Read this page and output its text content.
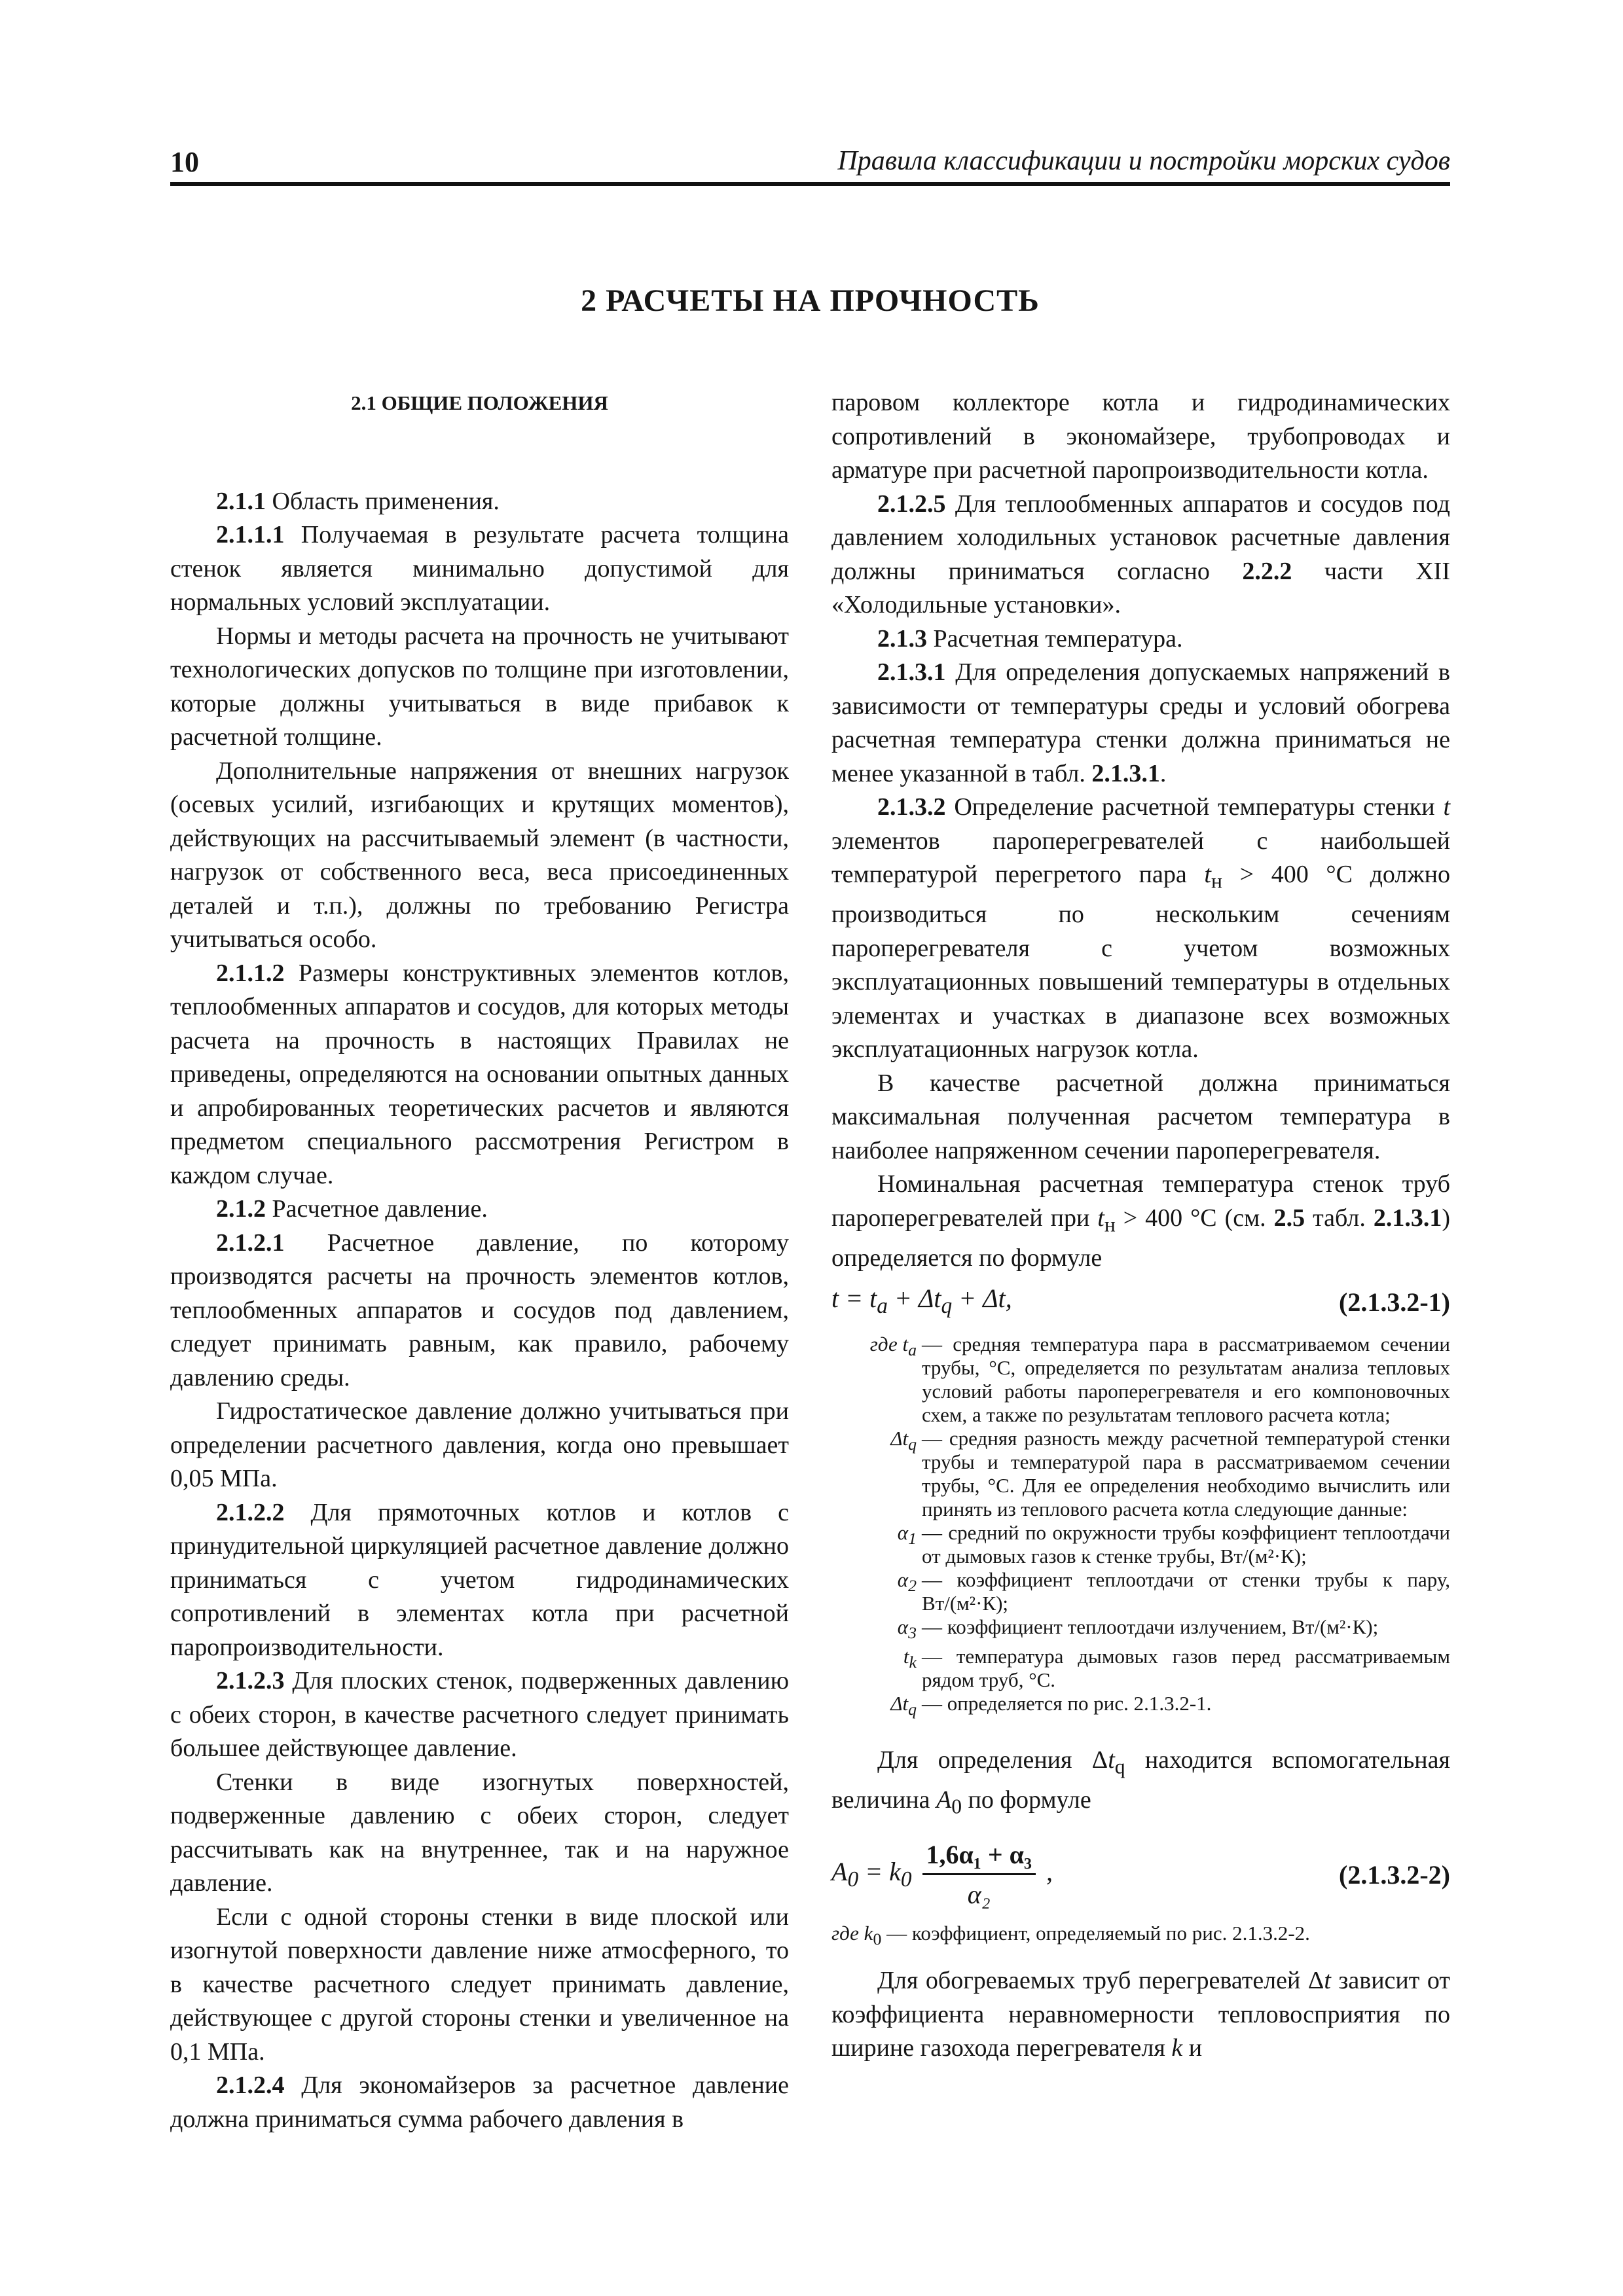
10	Правила классификации и постройки морских судов
2 РАСЧЕТЫ НА ПРОЧНОСТЬ
2.1 ОБЩИЕ ПОЛОЖЕНИЯ

2.1.1 Область применения.

2.1.1.1 Получаемая в результате расчета толщина стенок является минимально допустимой для нормальных условий эксплуатации.

Нормы и методы расчета на прочность не учитывают технологических допусков по толщине при изготовлении, которые должны учитываться в виде прибавок к расчетной толщине.

Дополнительные напряжения от внешних нагрузок (осевых усилий, изгибающих и крутящих моментов), действующих на рассчитываемый элемент (в частности, нагрузок от собственного веса, веса присоединенных деталей и т.п.), должны по требованию Регистра учитываться особо.

2.1.1.2 Размеры конструктивных элементов котлов, теплообменных аппаратов и сосудов, для которых методы расчета на прочность в настоящих Правилах не приведены, определяются на основании опытных данных и апробированных теоретических расчетов и являются предметом специального рассмотрения Регистром в каждом случае.

2.1.2 Расчетное давление.

2.1.2.1 Расчетное давление, по которому производятся расчеты на прочность элементов котлов, теплообменных аппаратов и сосудов под давлением, следует принимать равным, как правило, рабочему давлению среды.

Гидростатическое давление должно учитываться при определении расчетного давления, когда оно превышает 0,05 МПа.

2.1.2.2 Для прямоточных котлов и котлов с принудительной циркуляцией расчетное давление должно приниматься с учетом гидродинамических сопротивлений в элементах котла при расчетной паропроизводительности.

2.1.2.3 Для плоских стенок, подверженных давлению с обеих сторон, в качестве расчетного следует принимать большее действующее давление.

Стенки в виде изогнутых поверхностей, подверженные давлению с обеих сторон, следует рассчитывать как на внутреннее, так и на наружное давление.

Если с одной стороны стенки в виде плоской или изогнутой поверхности давление ниже атмосферного, то в качестве расчетного следует принимать давление, действующее с другой стороны стенки и увеличенное на 0,1 МПа.

2.1.2.4 Для экономайзеров за расчетное давление должна приниматься сумма рабочего давления в

паровом коллекторе котла и гидродинамических сопротивлений в экономайзере, трубопроводах и арматуре при расчетной паропроизводительности котла.

2.1.2.5 Для теплообменных аппаратов и сосудов под давлением холодильных установок расчетные давления должны приниматься согласно 2.2.2 части XII «Холодильные установки».

2.1.3 Расчетная температура.

2.1.3.1 Для определения допускаемых напряжений в зависимости от температуры среды и условий обогрева расчетная температура стенки должна приниматься не менее указанной в табл. 2.1.3.1.

2.1.3.2 Определение расчетной температуры стенки t элементов пароперегревателей с наибольшей температурой перегретого пара $t_н > 400$ °С должно производиться по нескольким сечениям пароперегревателя с учетом возможных эксплуатационных повышений температуры в отдельных элементах и участках в диапазоне всех возможных эксплуатационных нагрузок котла.

В качестве расчетной должна приниматься максимальная полученная расчетом температура в наиболее напряженном сечении пароперегревателя.

Номинальная расчетная температура стенок труб пароперегревателей при $t_н > 400$ °С (см. 2.5 табл. 2.1.3.1) определяется по формуле

$t = t_a + \Delta t_q + \Delta t$,	(2.1.3.2-1)
где $t_a$ — средняя температура пара в рассматриваемом сечении трубы, °С, определяется по результатам анализа тепловых условий работы пароперегревателя и его компоновочных схем, а также по результатам теплового расчета котла;
$\Delta t_q$ — средняя разность между расчетной температурой стенки трубы и температурой пара в рассматриваемом сечении трубы, °С. Для ее определения необходимо вычислить или принять из теплового расчета котла следующие данные:
$\alpha_1$ — средний по окружности трубы коэффициент теплоотдачи от дымовых газов к стенке трубы, Вт/(м²·К);
$\alpha_2$ — коэффициент теплоотдачи от стенки трубы к пару, Вт/(м²·К);
$\alpha_3$ — коэффициент теплоотдачи излучением, Вт/(м²·К);
$t_k$ — температура дымовых газов перед рассматриваемым рядом труб, °С.
$\Delta t_q$ — определяется по рис. 2.1.3.2-1.

Для определения $\Delta t_q$ находится вспомогательная величина $A_0$ по формуле

$A_0 = k_0 \frac{\text{1,6α₁ + α₃}}{\text{α₂}}$ ,	(2.1.3.2-2)
где $k_0$ — коэффициент, определяемый по рис. 2.1.3.2-2.

Для обогреваемых труб перегревателей Δt зависит от коэффициента неравномерности тепловосприятия по ширине газохода перегревателя k и
